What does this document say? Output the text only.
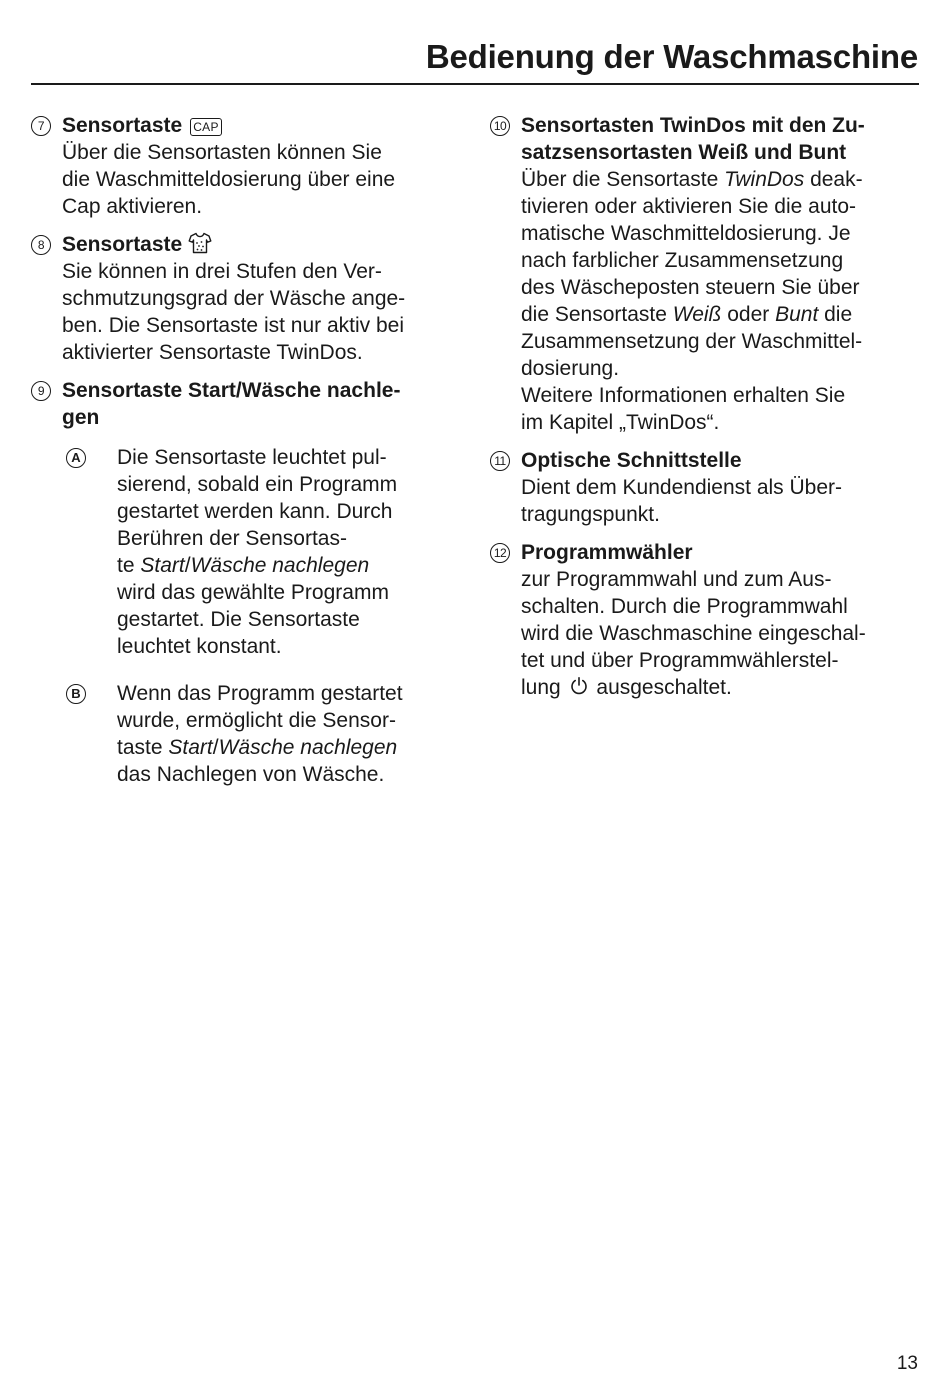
Bedienung der Waschmaschine
7 Sensortaste CAP
Über die Sensortasten können Sie
die Waschmitteldosierung über eine
Cap aktivieren.
8 Sensortaste
Sie können in drei Stufen den Ver-
schmutzungsgrad der Wäsche ange-
ben. Die Sensortaste ist nur aktiv bei
aktivierter Sensortaste TwinDos.
9 Sensortaste Start/Wäsche nachle-
gen
A Die Sensortaste leuchtet pul-
sierend, sobald ein Programm
gestartet werden kann. Durch
Berühren der Sensortas-
te Start/Wäsche nachlegen
wird das gewählte Programm
gestartet. Die Sensortaste
leuchtet konstant.
B Wenn das Programm gestartet
wurde, ermöglicht die Sensor-
taste Start/Wäsche nachlegen
das Nachlegen von Wäsche.
10 Sensortasten TwinDos mit den Zu-
satzsensortasten Weiß und Bunt
Über die Sensortaste TwinDos deak-
tivieren oder aktivieren Sie die auto-
matische Waschmitteldosierung. Je
nach farblicher Zusammensetzung
des Wäscheposten steuern Sie über
die Sensortaste Weiß oder Bunt die
Zusammensetzung der Waschmittel-
dosierung.
Weitere Informationen erhalten Sie
im Kapitel „TwinDos“.
11 Optische Schnittstelle
Dient dem Kundendienst als Über-
tragungspunkt.
12 Programmwähler
zur Programmwahl und zum Aus-
schalten. Durch die Programmwahl
wird die Waschmaschine eingeschal-
tet und über Programmwählerstel-
lung ausgeschaltet.
13
